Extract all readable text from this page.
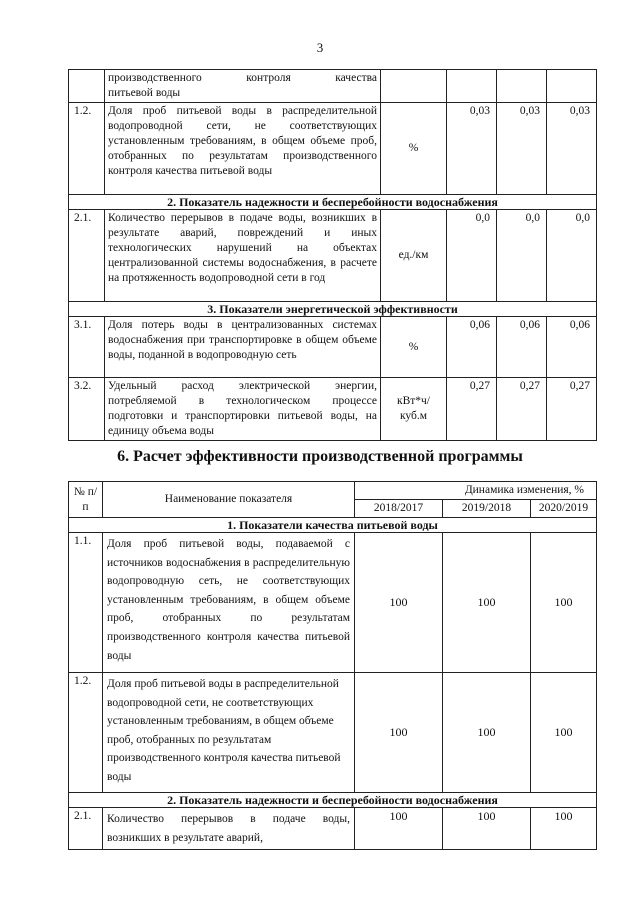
3

	производственного контроля качества
питьевой воды				

1.2.	Доля проб питьевой воды в распределительной водопроводной сети, не соответствующих установленным требованиям, в общем объеме проб, отобранных по результатам производственного контроля качества питьевой воды	%	0,03	0,03	0,03
2. Показатель надежности и бесперебойности водоснабжения					
2.1.	Количество перерывов в подаче воды, возникших в результате аварий, повреждений и иных технологических нарушений на объектах централизованной системы водоснабжения, в расчете на протяженность водопроводной сети в год	ед./км	0,0	0,0	0,0
3. Показатели энергетической эффективности					
3.1.	Доля потерь воды в централизованных системах водоснабжения при транспортировке в общем объеме воды, поданной в водопроводную сеть	%	0,06	0,06	0,06
3.2.	Удельный расход электрической энергии, потребляемой в технологическом процессе подготовки и транспортировки питьевой воды, на единицу объема воды	кВт*ч/ куб.м	0,27	0,27	0,27
6. Расчет эффективности производственной программы
№ п/п	Наименование показателя	Динамика изменения, %		
		2018/2017	2019/2018	2020/2019
1. Показатели качества питьевой воды				
1.1.	Доля проб питьевой воды, подаваемой с источников водоснабжения в распределительную водопроводную сеть, не соответствующих установленным требованиям, в общем объеме проб, отобранных по результатам производственного контроля качества питьевой воды	100	100	100
1.2.	Доля проб питьевой воды в распределительной водопроводной сети, не соответствующих установленным требованиям, в общем объеме проб, отобранных по результатам производственного контроля качества питьевой воды	100	100	100
2. Показатель надежности и бесперебойности водоснабжения				
2.1.	Количество перерывов в подаче воды, возникших в результате аварий,	100	100	100
